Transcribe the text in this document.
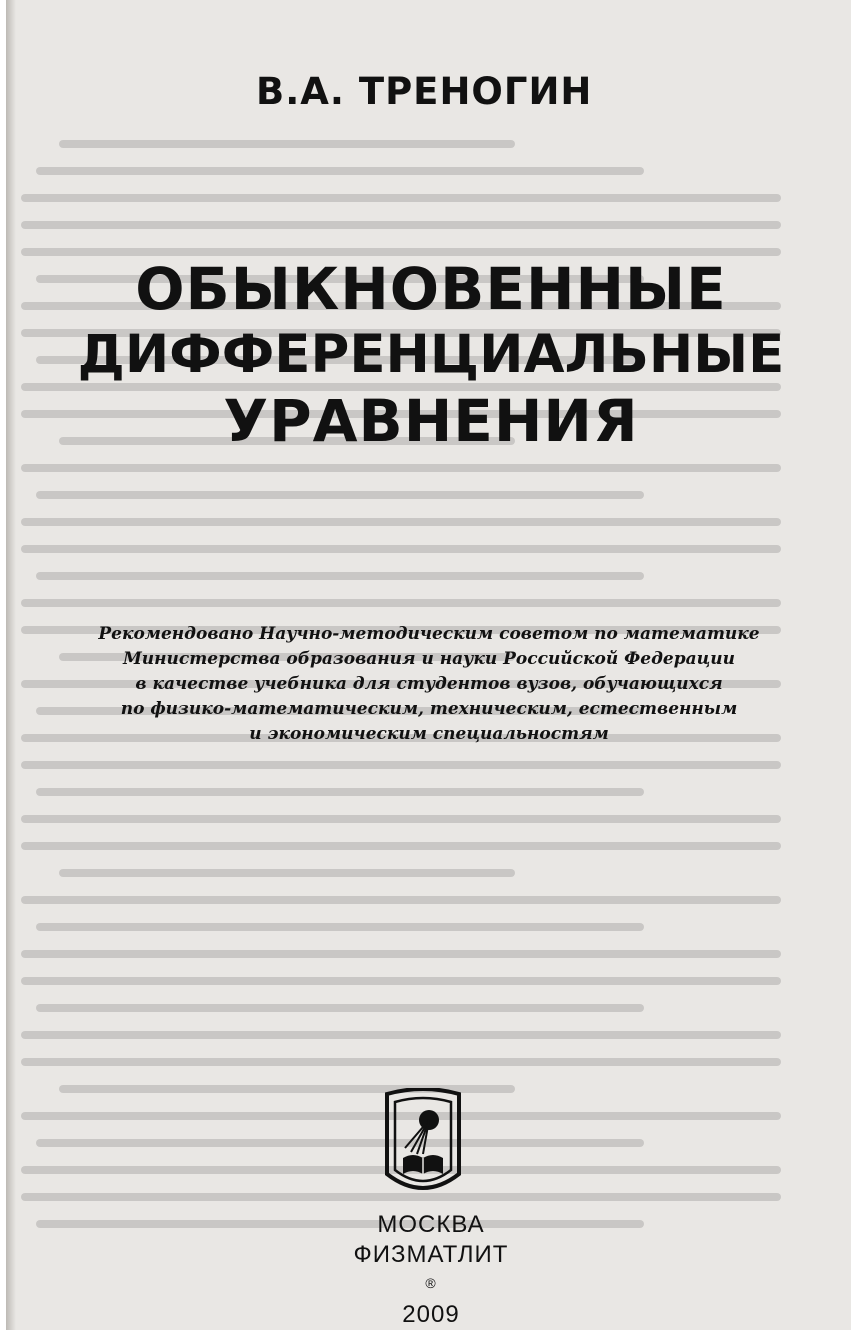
В.А. ТРЕНОГИН
ОБЫКНОВЕННЫЕ
ДИФФЕРЕНЦИАЛЬНЫЕ
УРАВНЕНИЯ
Рекомендовано Научно-методическим советом по математике
Министерства образования и науки Российской Федерации
в качестве учебника для студентов вузов, обучающихся
по физико-математическим, техническим, естественным
и экономическим специальностям
МОСКВА
ФИЗМАТЛИТ
®
2009
